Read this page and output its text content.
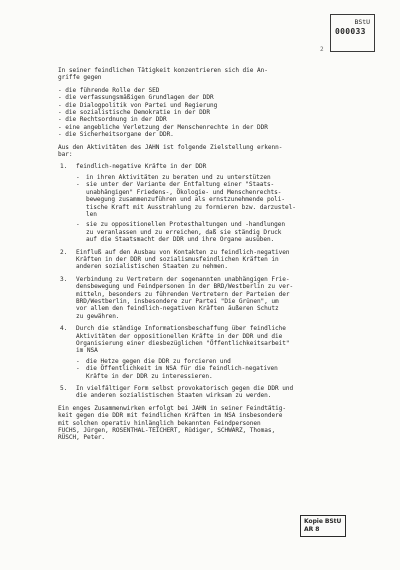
BStU
000033
2
In seiner feindlichen Tätigkeit konzentrieren sich die An-
griffe gegen
- die führende Rolle der SED
- die verfassungsmäßigen Grundlagen der DDR
- die Dialogpolitik von Partei und Regierung
- die sozialistische Demokratie in der DDR
- die Rechtsordnung in der DDR
- eine angebliche Verletzung der Menschenrechte in der DDR
- die Sicherheitsorgane der DDR.
Aus den Aktivitäten des JAHN ist folgende Zielstellung erkenn-
bar:
1. feindlich-negative Kräfte in der DDR
- in ihren Aktivitäten zu beraten und zu unterstützen
- sie unter der Variante der Entfaltung einer "Staats-
unabhängigen" Friedens-, Ökologie- und Menschenrechts-
bewegung zusammenzuführen und als ernstzunehmende poli-
tische Kraft mit Ausstrahlung zu formieren bzw. darzustel-
len
- sie zu oppositionellen Protesthaltungen und -handlungen
zu veranlassen und zu erreichen, daß sie ständig Druck
auf die Staatsmacht der DDR und ihre Organe ausüben.
2. Einfluß auf den Ausbau von Kontakten zu feindlich-negativen
Kräften in der DDR und sozialismusfeindlichen Kräften in
anderen sozialistischen Staaten zu nehmen.
3. Verbindung zu Vertretern der sogenannten unabhängigen Frie-
densbewegung und Feindpersonen in der BRD/Westberlin zu ver-
mitteln, besonders zu führenden Vertretern der Parteien der
BRD/Westberlin, insbesondere zur Partei "Die Grünen", um
vor allem den feindlich-negativen Kräften äußeren Schutz
zu gewähren.
4. Durch die ständige Informationsbeschaffung über feindliche
Aktivitäten der oppositionellen Kräfte in der DDR und die
Organisierung einer diesbezüglichen "Öffentlichkeitsarbeit"
im NSA
- die Hetze gegen die DDR zu forcieren und
- die Öffentlichkeit im NSA für die feindlich-negativen
Kräfte in der DDR zu interessieren.
5. In vielfältiger Form selbst provokatorisch gegen die DDR und
die anderen sozialistischen Staaten wirksam zu werden.
Ein enges Zusammenwirken erfolgt bei JAHN in seiner Feindtätig-
keit gegen die DDR mit feindlichen Kräften im NSA insbesondere
mit solchen operativ hinlänglich bekannten Feindpersonen
FUCHS, Jürgen, ROSENTHAL-TEICHERT, Rüdiger, SCHWARZ, Thomas,
RÜSCH, Peter.
Kopie BStU
AR 8
